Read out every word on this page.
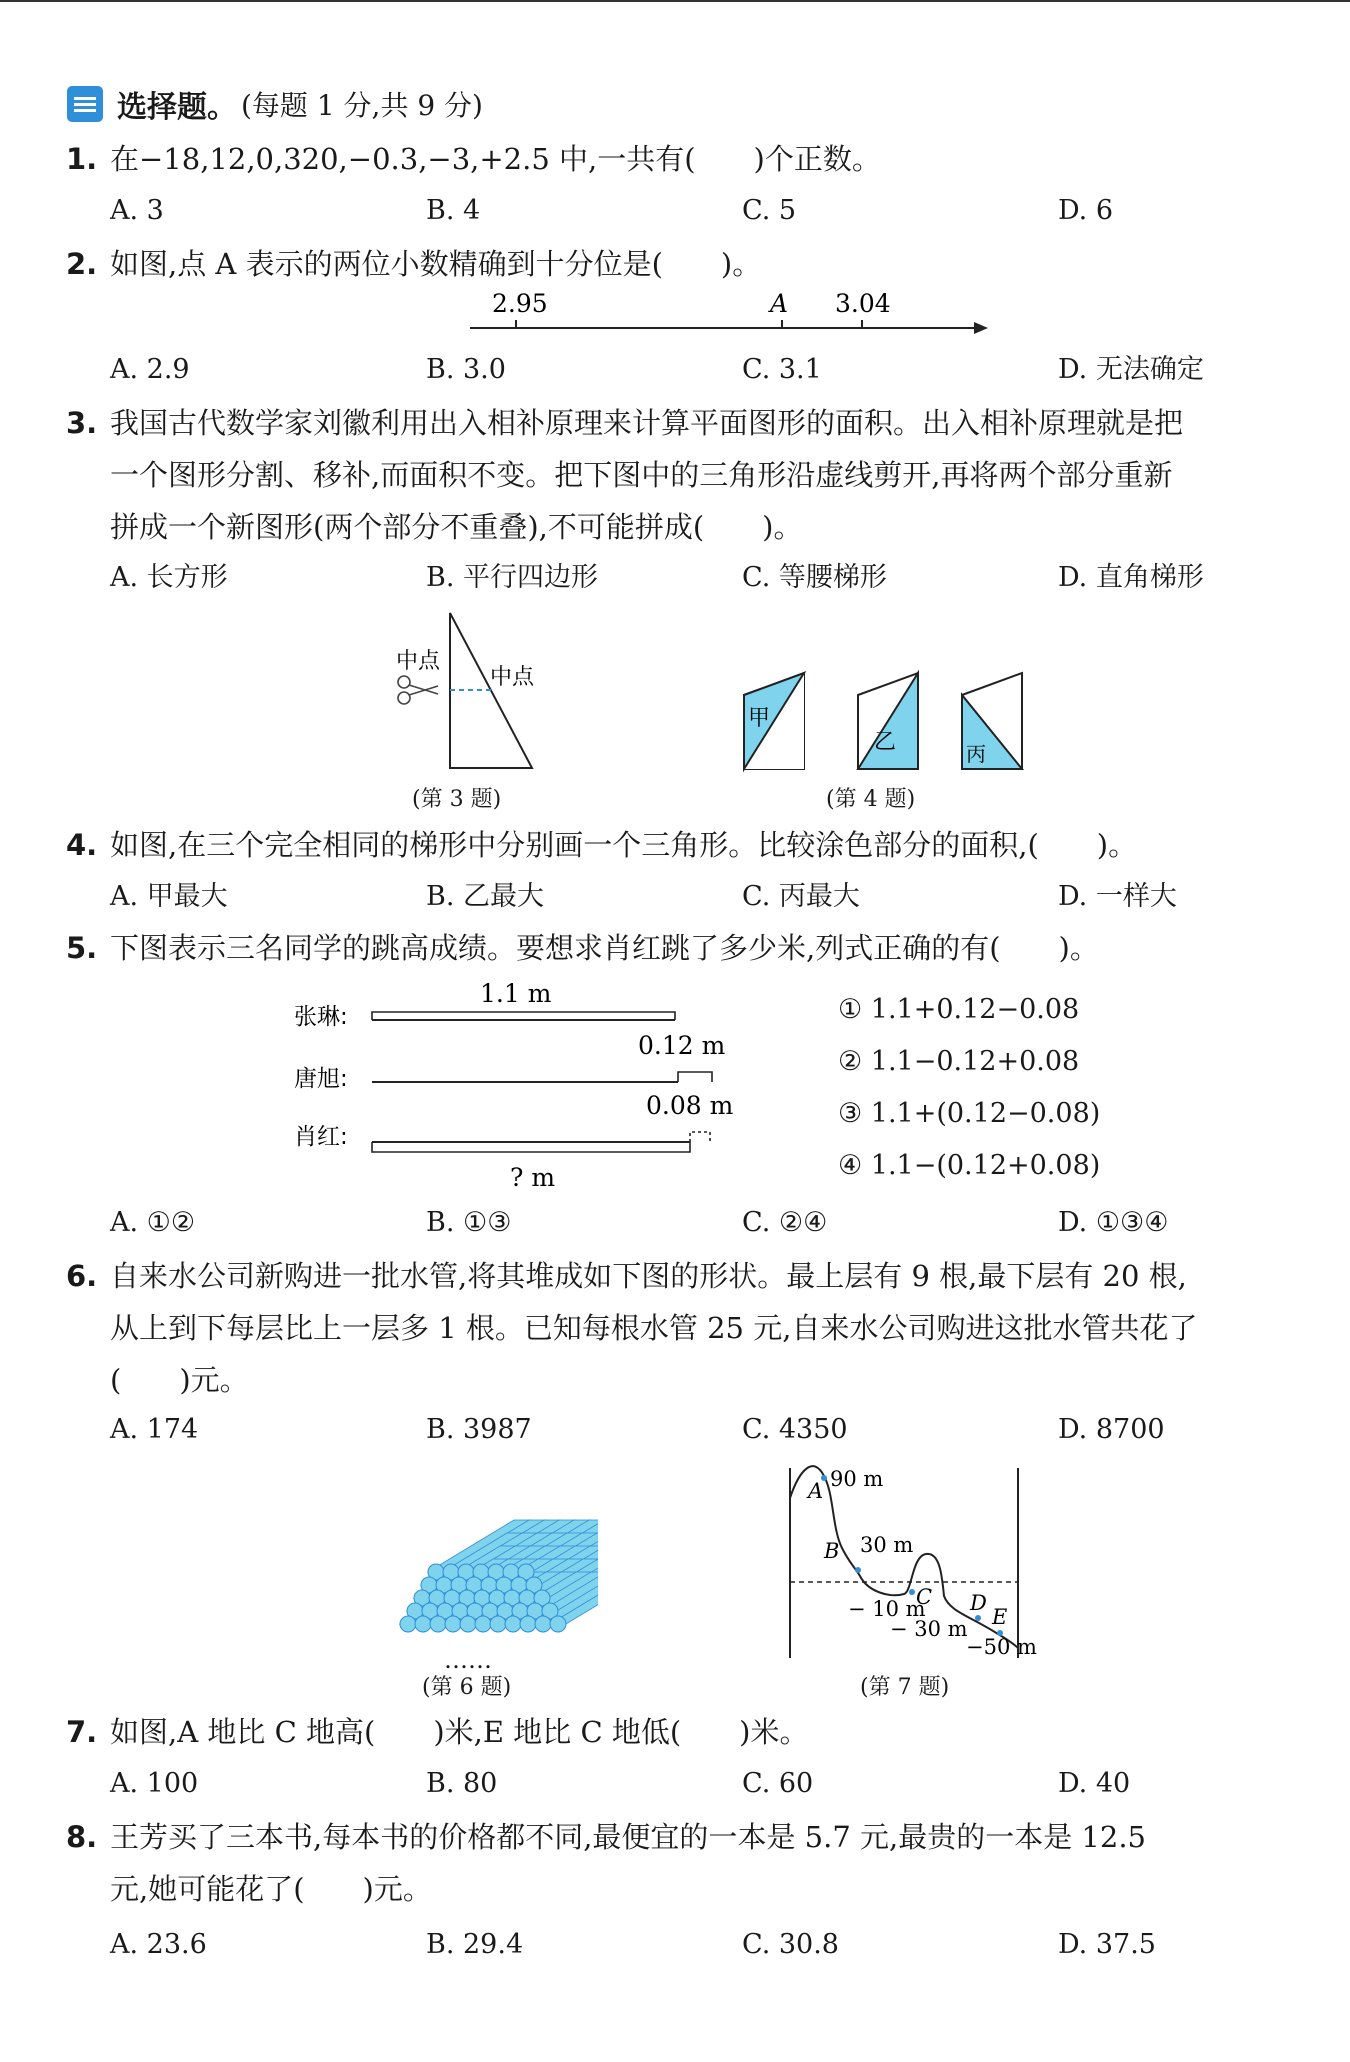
选择题。 (每题 1 分,共 9 分)
1. 在−18,12,0,320,−0.3,−3,+2.5 中,一共有(　　)个正数。
A. 3	B. 4	C. 5	D. 6
2. 如图,点 A 表示的两位小数精确到十分位是(　　)。
2.95	A 3.04
A. 2.9	B. 3.0	C. 3.1	D. 无法确定
3. 我国古代数学家刘徽利用出入相补原理来计算平面图形的面积。出入相补原理就是把
一个图形分割、移补,而面积不变。把下图中的三角形沿虚线剪开,再将两个部分重新
拼成一个新图形(两个部分不重叠),不可能拼成(　　)。
A. 长方形	B. 平行四边形	C. 等腰梯形	D. 直角梯形
中点
中点
(第 3 题)
甲
乙	丙
(第 4 题)
4. 如图,在三个完全相同的梯形中分别画一个三角形。比较涂色部分的面积,(　　)。
A. 甲最大	B. 乙最大	C. 丙最大	D. 一样大
5. 下图表示三名同学的跳高成绩。要想求肖红跳了多少米,列式正确的有(　　)。
张琳:
唐旭:
肖红:
1.1 m
0.12 m
0.08 m
? m
① 1.1+0.12−0.08
② 1.1−0.12+0.08
③ 1.1+(0.12−0.08)
④ 1.1−(0.12+0.08)
A. ①②	B. ①③	C. ②④	D. ①③④
6. 自来水公司新购进一批水管,将其堆成如下图的形状。最上层有 9 根,最下层有 20 根,
从上到下每层比上一层多 1 根。已知每根水管 25 元,自来水公司购进这批水管共花了
(　　)元。
A. 174	B. 3987	C. 4350	D. 8700
……
(第 6 题)
A 90 m
B 30 m
C
− 10 m D
− 30 m E
−50 m
(第 7 题)
7. 如图,A 地比 C 地高(　　)米,E 地比 C 地低(　　)米。
A. 100	B. 80	C. 60	D. 40
8. 王芳买了三本书,每本书的价格都不同,最便宜的一本是 5.7 元,最贵的一本是 12.5
元,她可能花了(　　)元。
A. 23.6	B. 29.4	C. 30.8	D. 37.5
